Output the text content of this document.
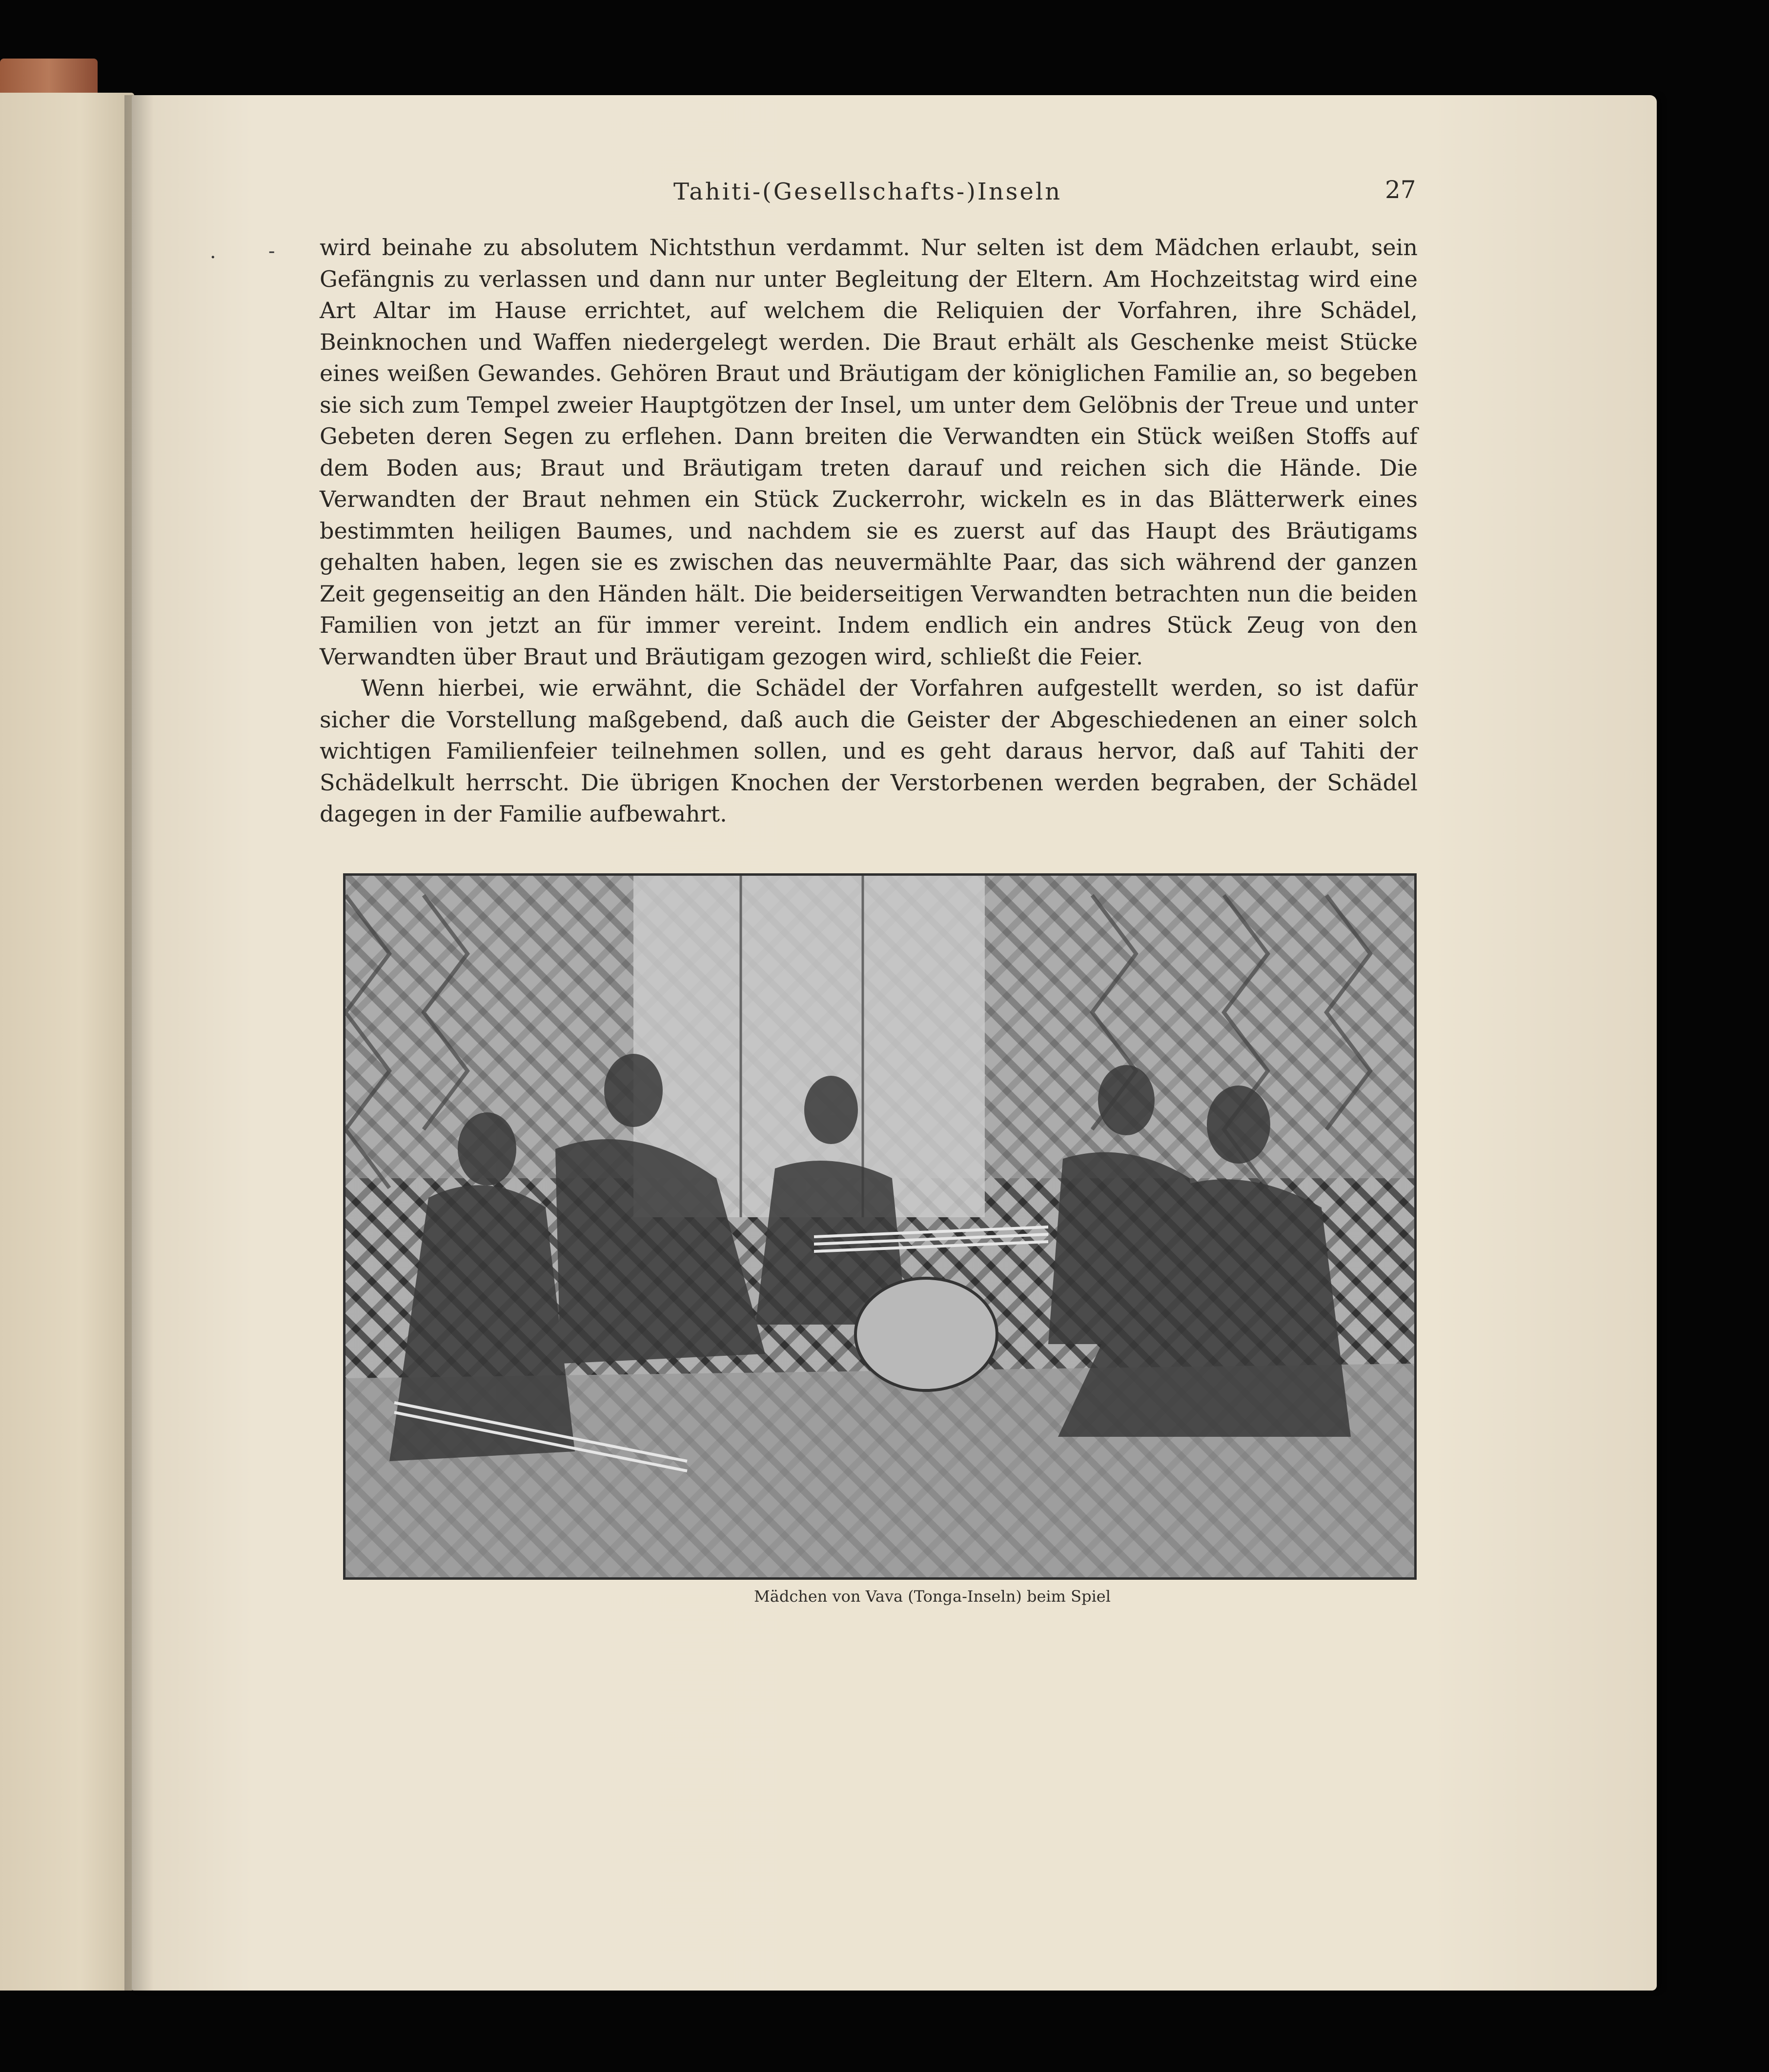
Tahiti-(Gesellschafts-)Inseln	27
·	- wird beinahe zu absolutem Nichtsthun verdammt. Nur selten ist dem Mädchen erlaubt, sein Gefängnis zu verlassen und dann nur unter Begleitung der Eltern. Am Hochzeitstag wird eine Art Altar im Hause errichtet, auf welchem die Reliquien der Vorfahren, ihre Schädel, Beinknochen und Waffen niedergelegt werden. Die Braut erhält als Geschenke meist Stücke eines weißen Gewandes. Gehören Braut und Bräutigam der königlichen Familie an, so begeben sie sich zum Tempel zweier Hauptgötzen der Insel, um unter dem Gelöbnis der Treue und unter Gebeten deren Segen zu erflehen. Dann breiten die Verwandten ein Stück weißen Stoffs auf dem Boden aus; Braut und Bräutigam treten darauf und reichen sich die Hände. Die Verwandten der Braut nehmen ein Stück Zuckerrohr, wickeln es in das Blätterwerk eines bestimmten heiligen Baumes, und nachdem sie es zuerst auf das Haupt des Bräutigams gehalten haben, legen sie es zwischen das neuvermählte Paar, das sich während der ganzen Zeit gegenseitig an den Händen hält. Die beiderseitigen Verwandten betrachten nun die beiden Familien von jetzt an für immer vereint. Indem endlich ein andres Stück Zeug von den Verwandten über Braut und Bräutigam gezogen wird, schließt die Feier.

Wenn hierbei, wie erwähnt, die Schädel der Vorfahren aufgestellt werden, so ist dafür sicher die Vorstellung maßgebend, daß auch die Geister der Abgeschiedenen an einer solch wichtigen Familienfeier teilnehmen sollen, und es geht daraus hervor, daß auf Tahiti der Schädelkult herrscht. Die übrigen Knochen der Verstorbenen werden begraben, der Schädel dagegen in der Familie aufbewahrt.

Mädchen von Vava (Tonga-Inseln) beim Spiel
